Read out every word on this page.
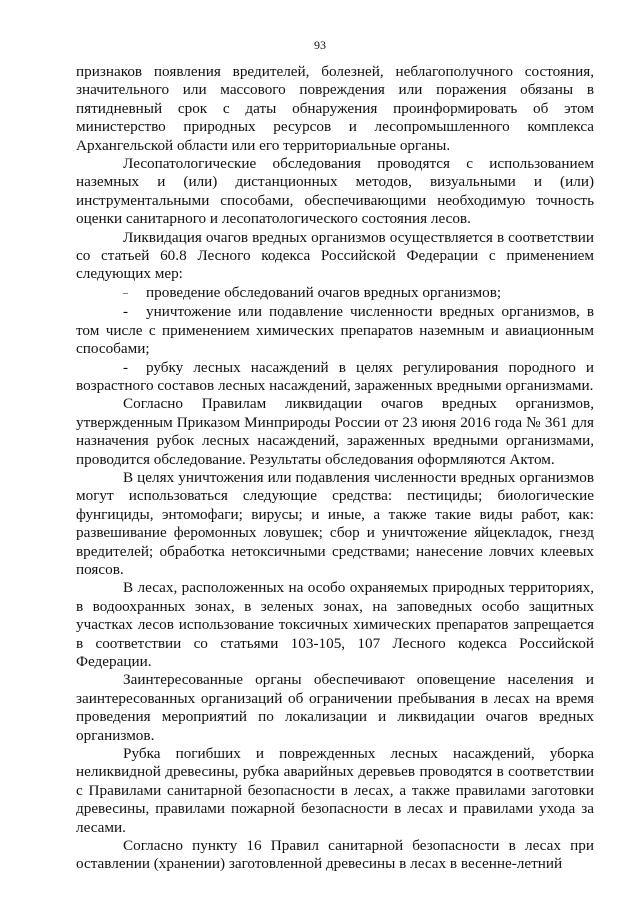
93

признаков появления вредителей, болезней, неблагополучного состояния, значительного или массового повреждения или поражения обязаны в пятидневный срок с даты обнаружения проинформировать об этом министерство природных ресурсов и лесопромышленного комплекса Архангельской области или его территориальные органы.

Лесопатологические обследования проводятся с использованием наземных и (или) дистанционных методов, визуальными и (или) инструментальными способами, обеспечивающими необходимую точность оценки санитарного и лесопатологического состояния лесов.

Ликвидация очагов вредных организмов осуществляется в соответствии со статьей 60.8 Лесного кодекса Российской Федерации с применением следующих мер:

– проведение обследований очагов вредных организмов;

- уничтожение или подавление численности вредных организмов, в том числе с применением химических препаратов наземным и авиационным способами;

- рубку лесных насаждений в целях регулирования породного и возрастного составов лесных насаждений, зараженных вредными организмами.

Согласно Правилам ликвидации очагов вредных организмов, утвержденным Приказом Минприроды России от 23 июня 2016 года № 361 для назначения рубок лесных насаждений, зараженных вредными организмами, проводится обследование. Результаты обследования оформляются Актом.

В целях уничтожения или подавления численности вредных организмов могут использоваться следующие средства: пестициды; биологические фунгициды, энтомофаги; вирусы; и иные, а также такие виды работ, как: развешивание феромонных ловушек; сбор и уничтожение яйцекладок, гнезд вредителей; обработка нетоксичными средствами; нанесение ловчих клеевых поясов.

В лесах, расположенных на особо охраняемых природных территориях, в водоохранных зонах, в зеленых зонах, на заповедных особо защитных участках лесов использование токсичных химических препаратов запрещается в соответствии со статьями 103-105, 107 Лесного кодекса Российской Федерации.

Заинтересованные органы обеспечивают оповещение населения и заинтересованных организаций об ограничении пребывания в лесах на время проведения мероприятий по локализации и ликвидации очагов вредных организмов.

Рубка погибших и поврежденных лесных насаждений, уборка неликвидной древесины, рубка аварийных деревьев проводятся в соответствии с Правилами санитарной безопасности в лесах, а также правилами заготовки древесины, правилами пожарной безопасности в лесах и правилами ухода за лесами.

Согласно пункту 16 Правил санитарной безопасности в лесах при оставлении (хранении) заготовленной древесины в лесах в весенне-летний
